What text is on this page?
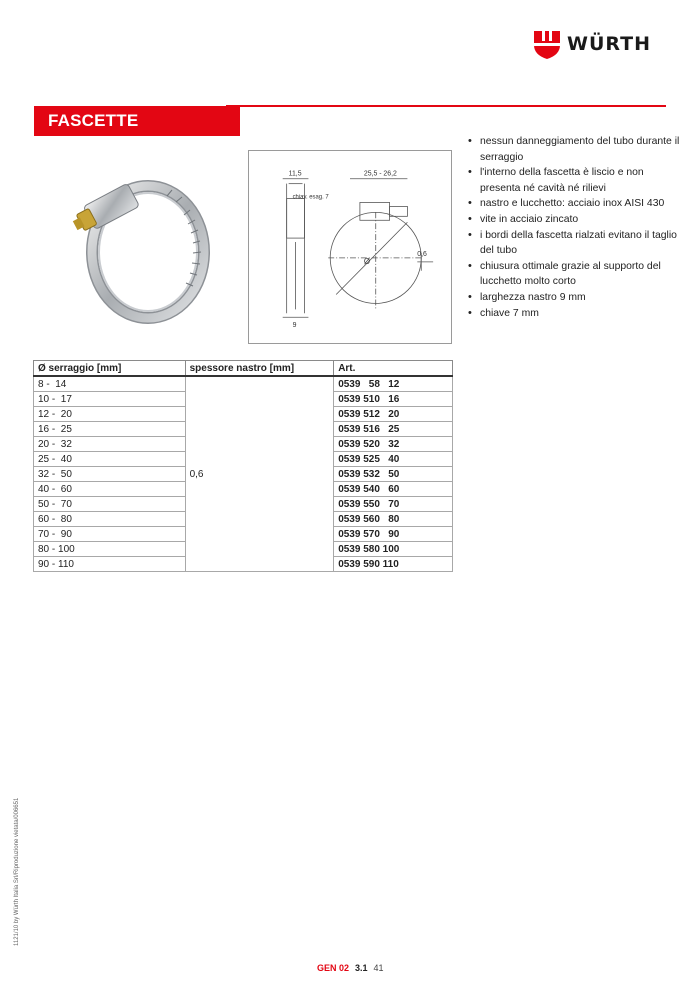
WÜRTH
FASCETTE STRINGITUBO
11,5	25,5 - 26,2
chiav. esag. 7
Ø
0,6
9
• nessun danneggiamento del tubo durante il serraggio
• l'interno della fascetta è liscio e non presenta né cavità né rilievi
• nastro e lucchetto: acciaio inox AISI 430
• vite in acciaio zincato
• i bordi della fascetta rialzati evitano il taglio del tubo
• chiusura ottimale grazie al supporto del lucchetto molto corto
• larghezza nastro 9 mm
• chiave 7 mm
Ø serraggio [mm]	spessore nastro [mm]	Art.
8 -  14	0,6	0539   58   12
10 -  17		0539 510   16
12 -  20		0539 512   20
16 -  25		0539 516   25
20 -  32		0539 520   32
25 -  40		0539 525   40
32 -  50		0539 532   50
40 -  60		0539 540   60
50 -  70		0539 550   70
60 -  80		0539 560   80
70 -  90		0539 570   90
80 - 100		0539 580 100
90 - 110		0539 590 110
1121/10 by Würth Italia Srl/Riproduzione vietata/006651
GEN 02 3.1 41
